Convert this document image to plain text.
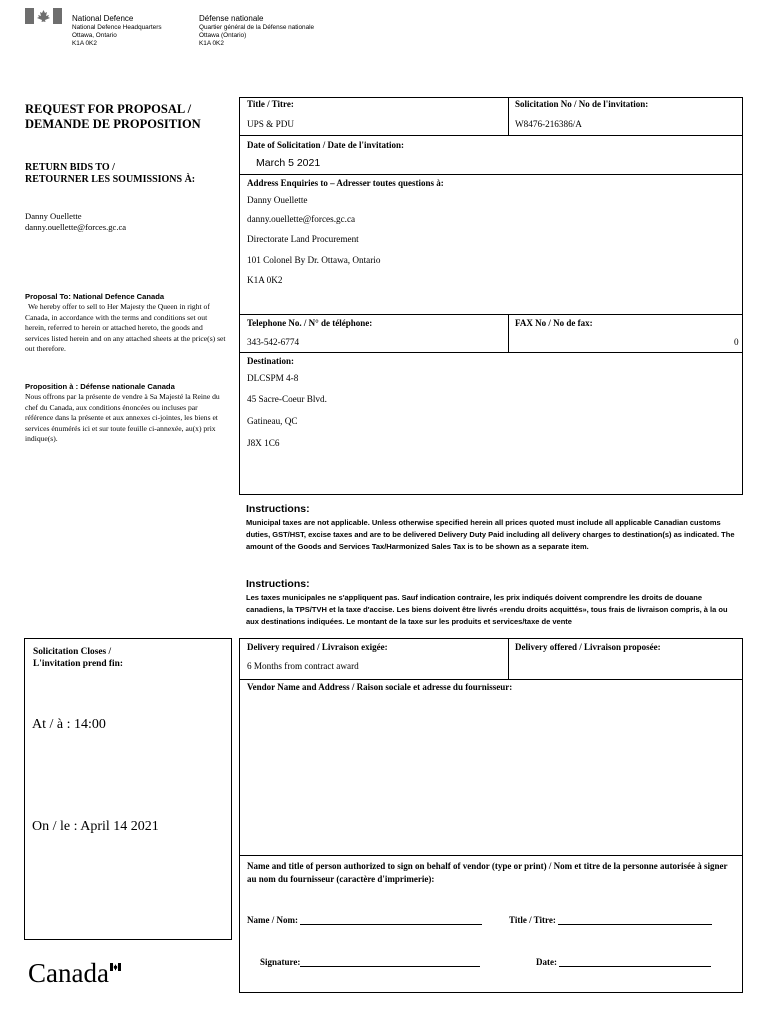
National Defence
National Defence Headquarters
Ottawa, Ontario
K1A 0K2
Défense nationale
Quartier général de la Défense nationale
Ottawa (Ontario)
K1A 0K2
REQUEST FOR PROPOSAL /
DEMANDE DE PROPOSITION
RETURN BIDS TO /
RETOURNER LES SOUMISSIONS À:
Danny Ouellette
danny.ouellette@forces.gc.ca
Proposal To: National Defence Canada
We hereby offer to sell to Her Majesty the Queen in right of Canada, in accordance with the terms and conditions set out herein, referred to herein or attached hereto, the goods and services listed herein and on any attached sheets at the price(s) set out therefore.
Proposition à : Défense nationale Canada
Nous offrons par la présente de vendre à Sa Majesté la Reine du chef du Canada, aux conditions énoncées ou incluses par référence dans la présente et aux annexes ci-jointes, les biens et services énumérés ici et sur toute feuille ci-annexée, au(x) prix indique(s).
Title / Titre:
UPS & PDU
Solicitation No / No de l'invitation:
W8476-216386/A
Date of Solicitation / Date de l'invitation:
March 5 2021
Address Enquiries to – Adresser toutes questions à:
Danny Ouellette
danny.ouellette@forces.gc.ca
Directorate Land Procurement
101 Colonel By Dr. Ottawa, Ontario
K1A 0K2
Telephone No. / N° de téléphone:
343-542-6774
FAX No / No de fax:
0
Destination:
DLCSPM 4-8
45 Sacre-Coeur Blvd.
Gatineau, QC
J8X 1C6
Instructions:
Municipal taxes are not applicable. Unless otherwise specified herein all prices quoted must include all applicable Canadian customs duties, GST/HST, excise taxes and are to be delivered Delivery Duty Paid including all delivery charges to destination(s) as indicated. The amount of the Goods and Services Tax/Harmonized Sales Tax is to be shown as a separate item.
Instructions:
Les taxes municipales ne s'appliquent pas. Sauf indication contraire, les prix indiqués doivent comprendre les droits de douane canadiens, la TPS/TVH et la taxe d'accise. Les biens doivent être livrés «rendu droits acquittés», tous frais de livraison compris, à la ou aux destinations indiquées. Le montant de la taxe sur les produits et services/taxe de vente
Solicitation Closes /
L'invitation prend fin:
At / à : 14:00
On / le : April 14 2021
Delivery required / Livraison exigée:
6 Months from contract award
Delivery offered / Livraison proposée:
Vendor Name and Address / Raison sociale et adresse du fournisseur:
Name and title of person authorized to sign on behalf of vendor (type or print) / Nom et titre de la personne autorisée à signer au nom du fournisseur (caractère d'imprimerie):
Name / Nom:	Title / Titre:
Signature:	Date:
Canada
